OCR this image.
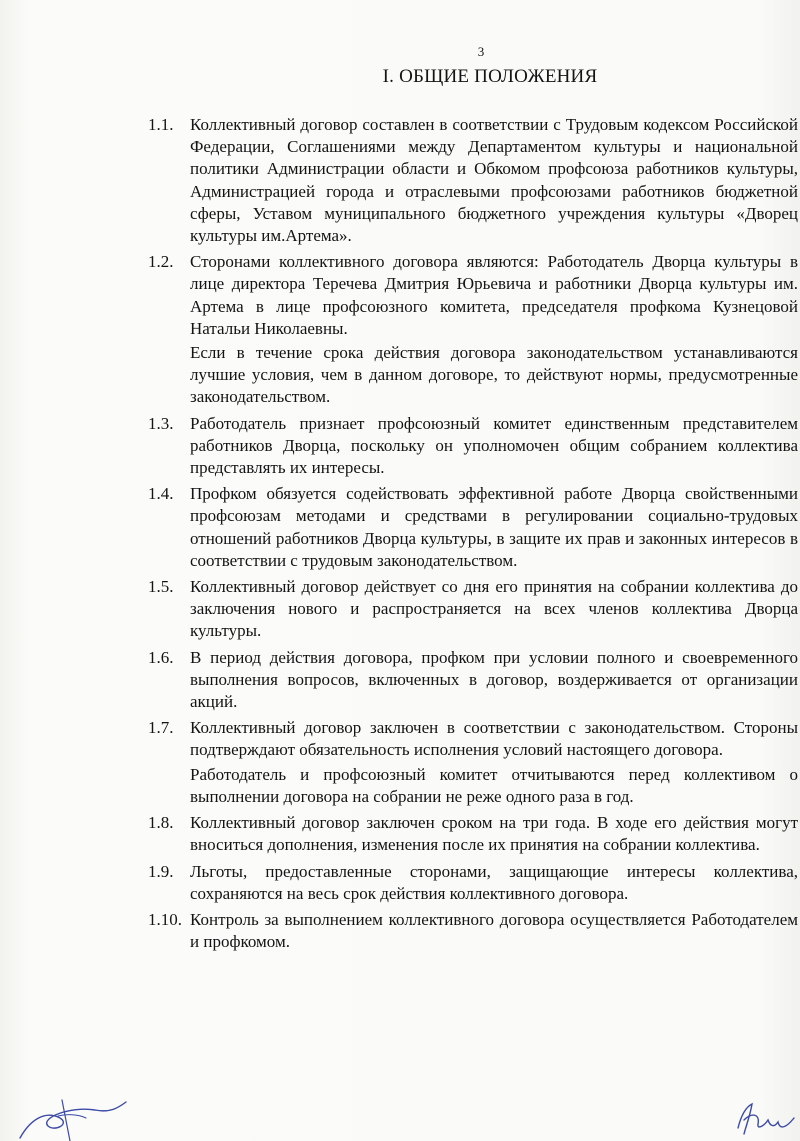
3
I. ОБЩИЕ ПОЛОЖЕНИЯ
1.1. Коллективный договор составлен в соответствии с Трудовым кодексом Российской Федерации, Соглашениями между Департаментом культуры и национальной политики Администрации области и Обкомом профсоюза работников культуры, Администрацией города и отраслевыми профсоюзами работников бюджетной сферы, Уставом муниципального бюджетного учреждения культуры «Дворец культуры им.Артема».

1.2. Сторонами коллективного договора являются: Работодатель Дворца культуры в лице директора Теречева Дмитрия Юрьевича и работники Дворца культуры им. Артема в лице профсоюзного комитета, председателя профкома Кузнецовой Натальи Николаевны.

Если в течение срока действия договора законодательством устанавливаются лучшие условия, чем в данном договоре, то действуют нормы, предусмотренные законодательством.

1.3. Работодатель признает профсоюзный комитет единственным представителем работников Дворца, поскольку он уполномочен общим собранием коллектива представлять их интересы.

1.4. Профком обязуется содействовать эффективной работе Дворца свойственными профсоюзам методами и средствами в регулировании социально-трудовых отношений работников Дворца культуры, в защите их прав и законных интересов в соответствии с трудовым законодательством.

1.5. Коллективный договор действует со дня его принятия на собрании коллектива до заключения нового и распространяется на всех членов коллектива Дворца культуры.

1.6. В период действия договора, профком при условии полного и своевременного выполнения вопросов, включенных в договор, воздерживается от организации акций.

1.7. Коллективный договор заключен в соответствии с законодательством. Стороны подтверждают обязательность исполнения условий настоящего договора.

Работодатель и профсоюзный комитет отчитываются перед коллективом о выполнении договора на собрании не реже одного раза в год.

1.8. Коллективный договор заключен сроком на три года. В ходе его действия могут вноситься дополнения, изменения после их принятия на собрании коллектива.

1.9. Льготы, предоставленные сторонами, защищающие интересы коллектива, сохраняются на весь срок действия коллективного договора.

1.10. Контроль за выполнением коллективного договора осуществляется Работодателем и профкомом.
